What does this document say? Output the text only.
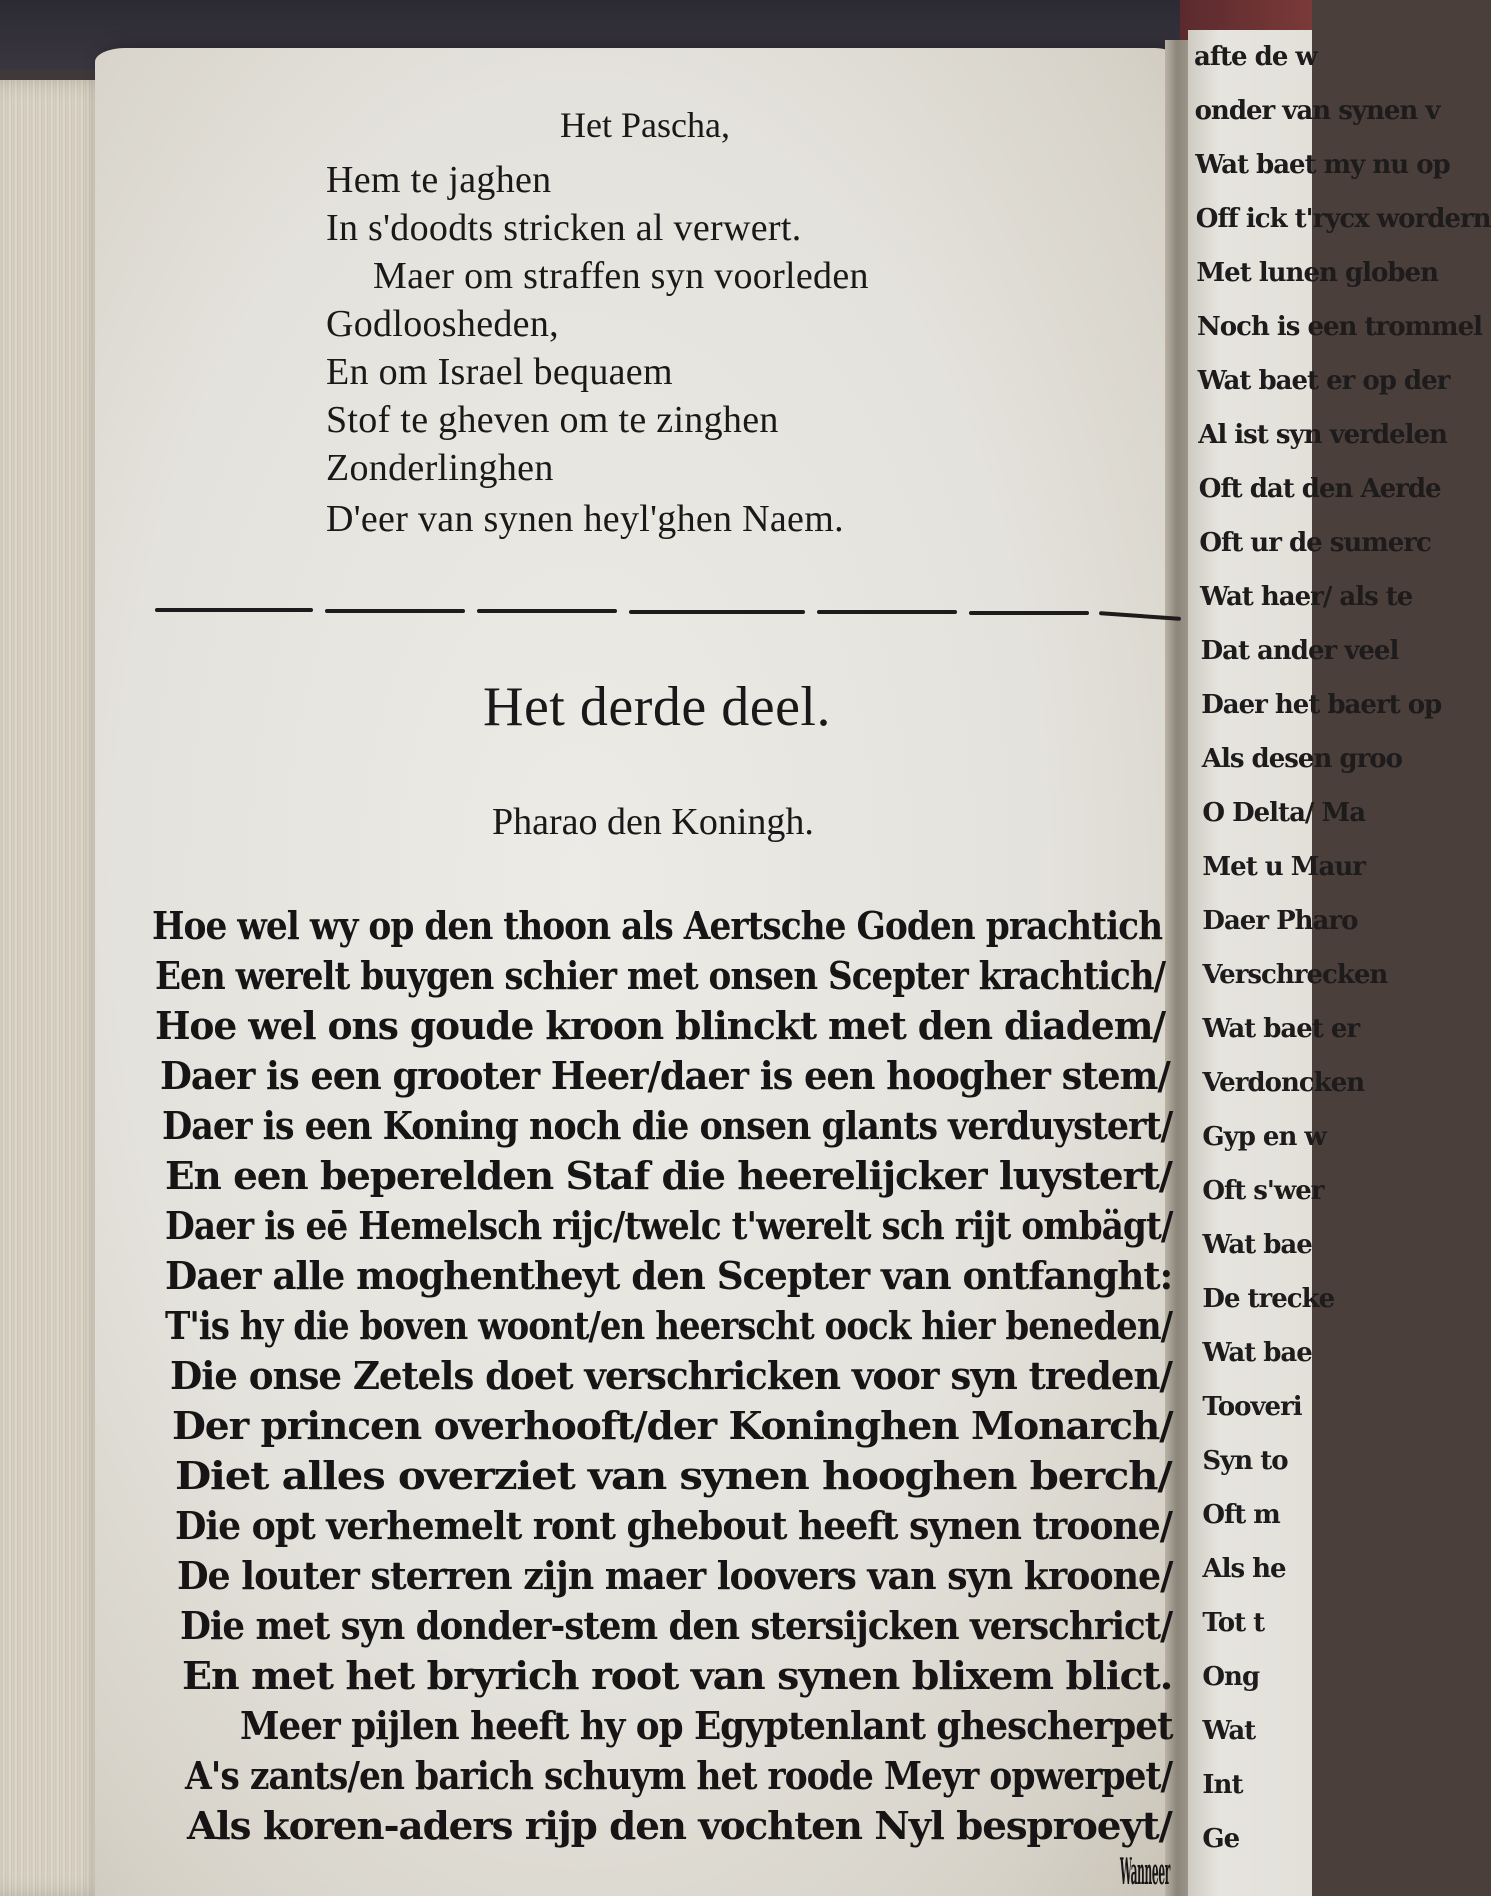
afte de w
onder van synen v
Wat baet my nu op
Off ick t'rycx wordern
Met lunen globen
Noch is een trommel
Wat baet er op der
Al ist syn verdelen
Oft dat den Aerde
Oft ur de sumerc
Wat haer/ als te
Dat ander veel
Daer het baert op
Als desen groo
O Delta/ Ma
Met u Maur
Daer Pharo
Verschrecken
Wat baet er
Verdoncken
Gyp en w
Oft s'wer
Wat bae
De trecke
Wat bae
Tooveri
Syn to
Oft m
Als he
Tot t
Ong
Wat
Int
Ge
Het Pascha,
Hem te jaghen
In s'doodts stricken al verwert.
Maer om straffen syn voorleden
Godloosheden,
En om Israel bequaem
Stof te gheven om te zinghen
Zonderlinghen
D'eer van synen heyl'ghen Naem.
Het derde deel.
Pharao den Koningh.
Hoe wel wy op den thoon als Aertsche Goden prachtich
Een werelt buygen schier met onsen Scepter krachtich/
Hoe wel ons goude kroon blinckt met den diadem/
Daer is een grooter Heer/daer is een hoogher stem/
Daer is een Koning noch die onsen glants verduystert/
En een beperelden Staf die heerelijcker luystert/
Daer is eē Hemelsch rijc/twelc t'werelt sch rijt ombägt/
Daer alle moghentheyt den Scepter van ontfanght:
T'is hy die boven woont/en heerscht oock hier beneden/
Die onse Zetels doet verschricken voor syn treden/
Der princen overhooft/der Koninghen Monarch/
Diet alles overziet van synen hooghen berch/
Die opt verhemelt ront ghebout heeft synen troone/
De louter sterren zijn maer loovers van syn kroone/
Die met syn donder-stem den stersijcken verschrict/
En met het bryrich root van synen blixem blict.
Meer pijlen heeft hy op Egyptenlant ghescherpet
A's zants/en barich schuym het roode Meyr opwerpet/
Als koren-aders rijp den vochten Nyl besproeyt/
Wanneer
